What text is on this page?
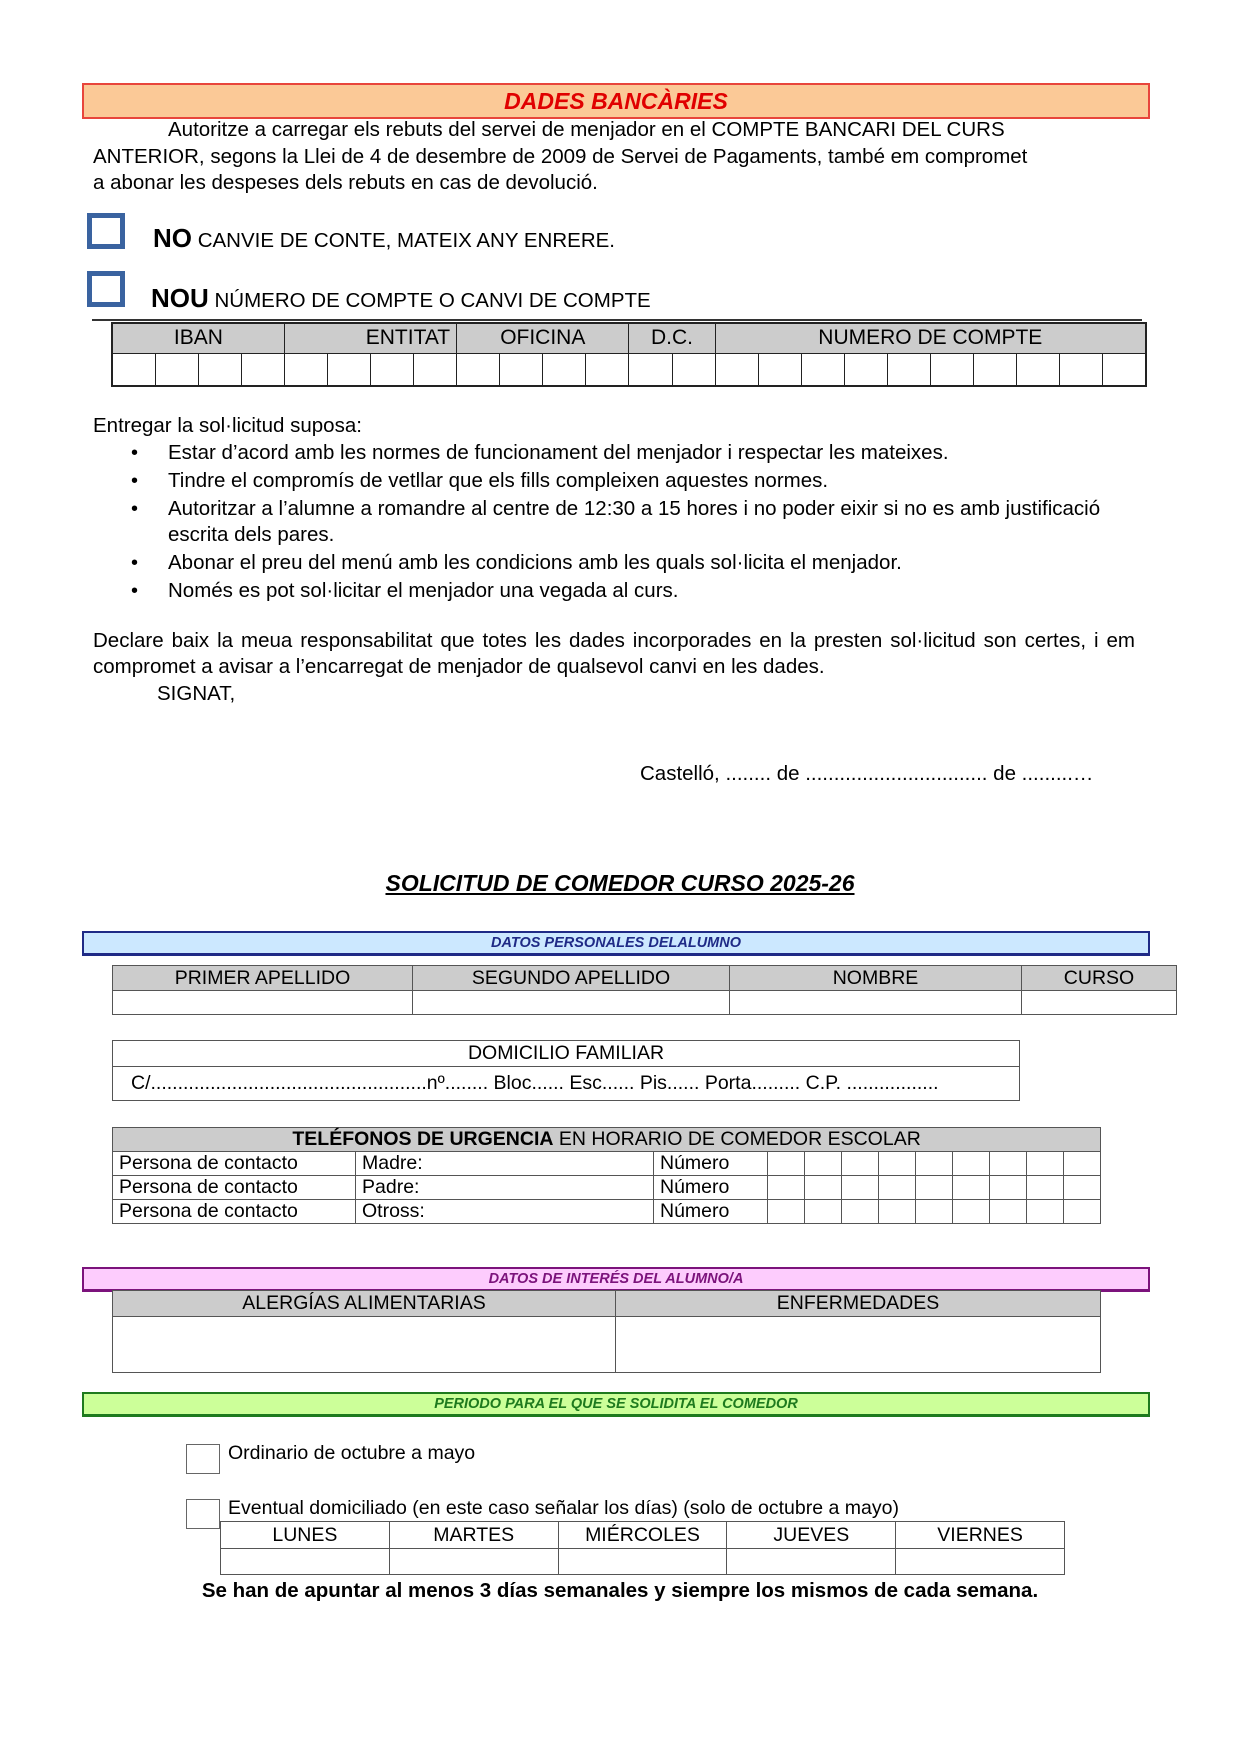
DADES BANCÀRIES
Autoritze a carregar els rebuts del servei de menjador en el COMPTE BANCARI DEL CURS
ANTERIOR, segons la Llei de 4 de desembre de 2009 de Servei de Pagaments, també em compromet
a abonar les despeses dels rebuts en cas de devolució.
NO CANVIE DE CONTE, MATEIX ANY ENRERE.
NOU NÚMERO DE COMPTE O CANVI DE COMPTE
IBAN				ENTITAT				OFICINA				D.C.		NUMERO DE COMPTE									

Entregar la sol·licitud suposa:
• Estar d’acord amb les normes de funcionament del menjador i respectar les mateixes.
• Tindre el compromís de vetllar que els fills compleixen aquestes normes.
• Autoritzar a l’alumne a romandre al centre de 12:30 a 15 hores i no poder eixir si no es amb justificació escrita dels pares.
• Abonar el preu del menú amb les condicions amb les quals sol·licita el menjador.
• Només es pot sol·licitar el menjador una vegada al curs.
Declare baix la meua responsabilitat que totes les dades incorporades en la presten sol·licitud son certes, i em compromet a avisar a l’encarregat de menjador de qualsevol canvi en les dades.
SIGNAT,
Castelló, ........ de ................................ de .........…
SOLICITUD DE COMEDOR CURSO 2025-26
DATOS PERSONALES DELALUMNO
PRIMER APELLIDO	SEGUNDO APELLIDO	NOMBRE	CURSO

DOMICILIO FAMILIAR
C/...................................................nº........ Bloc...... Esc...... Pis...... Porta......... C.P. .................
TELÉFONOS DE URGENCIA EN HORARIO DE COMEDOR ESCOLAR											
Persona de contacto	Madre:	Número									
Persona de contacto	Padre:	Número									
Persona de contacto	Otross:	Número									
DATOS DE INTERÉS DEL ALUMNO/A
ALERGÍAS ALIMENTARIAS	ENFERMEDADES

PERIODO PARA EL QUE SE SOLIDITA EL COMEDOR
Ordinario de octubre a mayo
Eventual domiciliado (en este caso señalar los días) (solo de octubre a mayo)
LUNES	MARTES	MIÉRCOLES	JUEVES	VIERNES

Se han de apuntar al menos 3 días semanales y siempre los mismos de cada semana.
